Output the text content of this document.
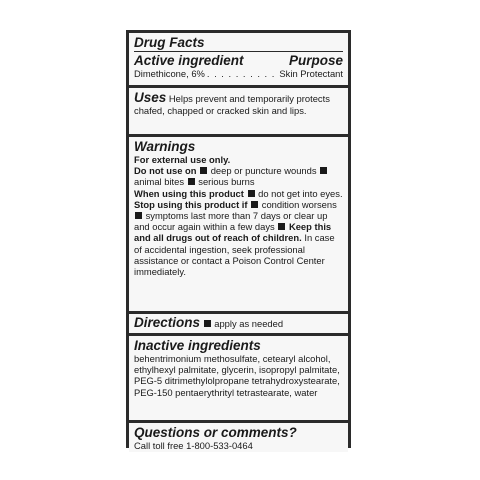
Drug Facts
Active ingredient	Purpose
Dimethicone, 6% . . . . . . . . . . Skin Protectant
Uses Helps prevent and temporarily protects chafed, chapped or cracked skin and lips.
Warnings
For external use only.
Do not use on deep or puncture wounds  animal bites serious burns
When using this product do not get into eyes.
Stop using this product if condition worsens  symptoms last more than 7 days or clear up and occur again within a few days Keep this and all drugs out of reach of children. In case of accidental ingestion, seek professional assistance or contact a Poison Control Center immediately.
Directions apply as needed
Inactive ingredients
behentrimonium methosulfate, cetearyl alcohol, ethylhexyl palmitate, glycerin, isopropyl palmitate, PEG-5 ditrimethylolpropane tetrahydroxystearate, PEG-150 pentaerythrityl tetrastearate, water
Questions or comments?
Call toll free 1-800-533-0464
